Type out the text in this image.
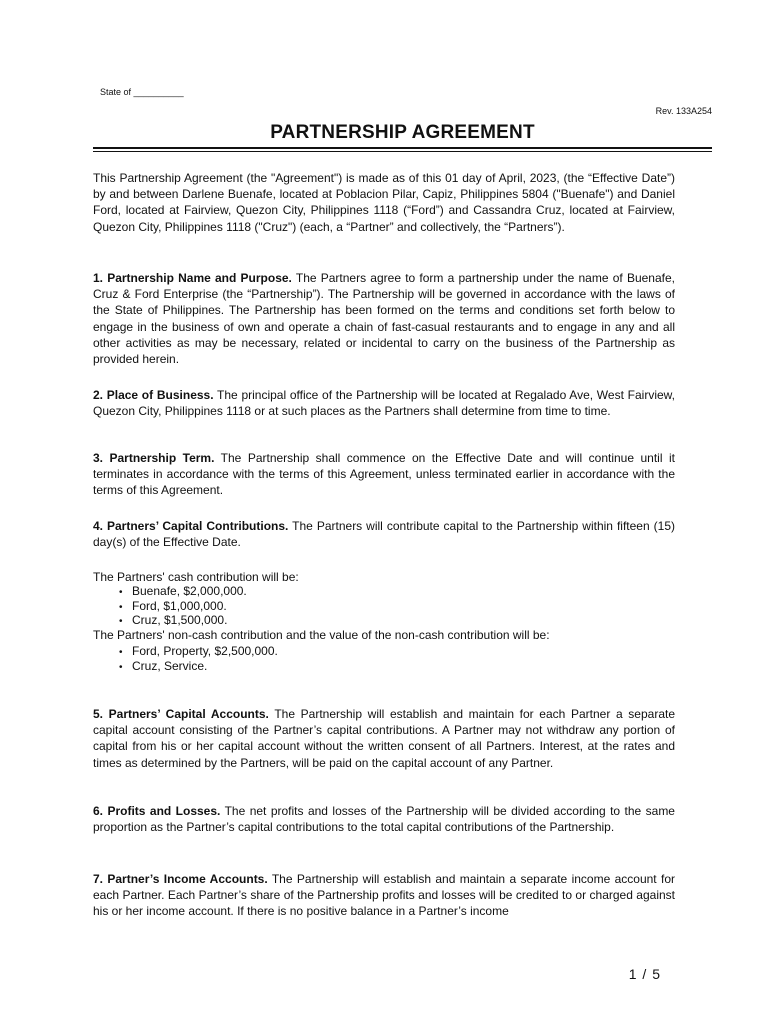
State of __________
Rev. 133A254
PARTNERSHIP AGREEMENT

This Partnership Agreement (the "Agreement") is made as of this 01 day of April, 2023, (the “Effective Date”) by and between Darlene Buenafe, located at Poblacion Pilar, Capiz, Philippines 5804 ("Buenafe") and Daniel Ford, located at Fairview, Quezon City, Philippines 1118 (“Ford”) and Cassandra Cruz, located at Fairview, Quezon City, Philippines 1118 ("Cruz") (each, a “Partner” and collectively, the “Partners”).

1. Partnership Name and Purpose. The Partners agree to form a partnership under the name of Buenafe, Cruz & Ford Enterprise (the “Partnership”). The Partnership will be governed in accordance with the laws of the State of Philippines. The Partnership has been formed on the terms and conditions set forth below to engage in the business of own and operate a chain of fast-casual restaurants and to engage in any and all other activities as may be necessary, related or incidental to carry on the business of the Partnership as provided herein.

2. Place of Business. The principal office of the Partnership will be located at Regalado Ave, West Fairview, Quezon City, Philippines 1118 or at such places as the Partners shall determine from time to time.

3. Partnership Term. The Partnership shall commence on the Effective Date and will continue until it terminates in accordance with the terms of this Agreement, unless terminated earlier in accordance with the terms of this Agreement.

4. Partners’ Capital Contributions. The Partners will contribute capital to the Partnership within fifteen (15) day(s) of the Effective Date.

The Partners' cash contribution will be:
• Buenafe, $2,000,000.
• Ford, $1,000,000.
• Cruz, $1,500,000.
The Partners' non-cash contribution and the value of the non-cash contribution will be:
• Ford, Property, $2,500,000.
• Cruz, Service.

5. Partners’ Capital Accounts. The Partnership will establish and maintain for each Partner a separate capital account consisting of the Partner’s capital contributions. A Partner may not withdraw any portion of capital from his or her capital account without the written consent of all Partners. Interest, at the rates and times as determined by the Partners, will be paid on the capital account of any Partner.

6. Profits and Losses. The net profits and losses of the Partnership will be divided according to the same proportion as the Partner’s capital contributions to the total capital contributions of the Partnership.

7. Partner’s Income Accounts. The Partnership will establish and maintain a separate income account for each Partner. Each Partner’s share of the Partnership profits and losses will be credited to or charged against his or her income account. If there is no positive balance in a Partner’s income

1 / 5
